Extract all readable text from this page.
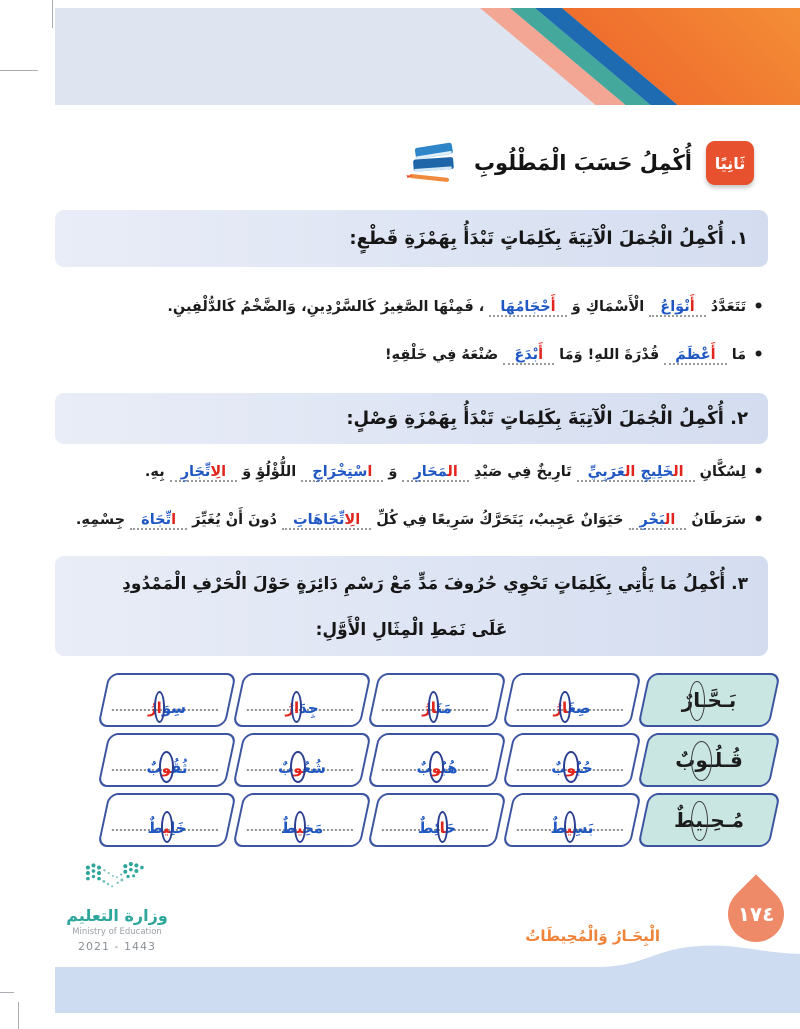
ثَانِيًا
أُكْمِلُ حَسَبَ الْمَطْلُوبِ
١. أُكْمِلُ الْجُمَلَ الْآتِيَةَ بِكَلِمَاتٍ تَبْدَأُ بِهَمْزَةِ قَطْعٍ:
•تَتَعَدَّدُ أَنْوَاعُ الْأَسْمَاكِ وَ أَحْجَامُهَا ، فَمِنْهَا الصَّغِيرُ كَالسَّرْدِينِ، وَالضَّخْمُ كَالدُّلْفِينِ.
•مَا أَعْظَمَ قُدْرَةَ اللهِ! وَمَا أَبْدَعَ صُنْعَهُ فِي خَلْقِهِ!
٢. أُكْمِلُ الْجُمَلَ الْآتِيَةَ بِكَلِمَاتٍ تَبْدَأُ بِهَمْزَةِ وَصْلٍ:
•لِسُكَّانِ ال‍‍خَلِيجِ ال‍‍عَرَبِيِّ تَارِيخٌ فِي صَيْدِ ال‍‍مَحَارِ وَ اسْتِخْرَاجِ اللُّؤْلُؤِ وَ الِاتِّجَارِ بِهِ.
•سَرَطَانُ ال‍‍بَحْرِ حَيَوَانٌ عَجِيبٌ، يَتَحَرَّكُ سَرِيعًا فِي كُلِّ الِاتِّجَاهَاتِ دُونَ أَنْ يُغَيِّرَ اتِّجَاهَ جِسْمِهِ.
٣. أُكْمِلُ مَا يَأْتِي بِكَلِمَاتٍ تَحْوِي حُرُوفَ مَدٍّ مَعْ رَسْمِ دَائِرَةٍ حَوْلَ الْحَرْفِ الْمَمْدُودِ
عَلَى نَمَطِ الْمِثَالِ الْأَوَّلِ:
بَـحَّـ‍‍ارٌ
صِغَ‍‍ارُ
مَنَ‍‍ارُ
جِدَارُ
سِوَارُ
قُـلُـ‍‍وبٌ
حُبُ‍‍وبٌ
هُبُ‍‍وبٌ
شُعُ‍‍وبٌ
ثُقُ‍‍وبٌ
مُـحِـ‍‍ي‍‍طٌ
بَسِ‍‍ي‍‍طٌ
حَ‍‍ائِطٌ
مَخِ‍‍ي‍‍طٌ
خَلِ‍‍ي‍‍طٌ
وزارة التعليم
Ministry of Education
2021 - 1443
الْبِحَـارُ وَالْمُحِيطَاتُ
١٧٤
